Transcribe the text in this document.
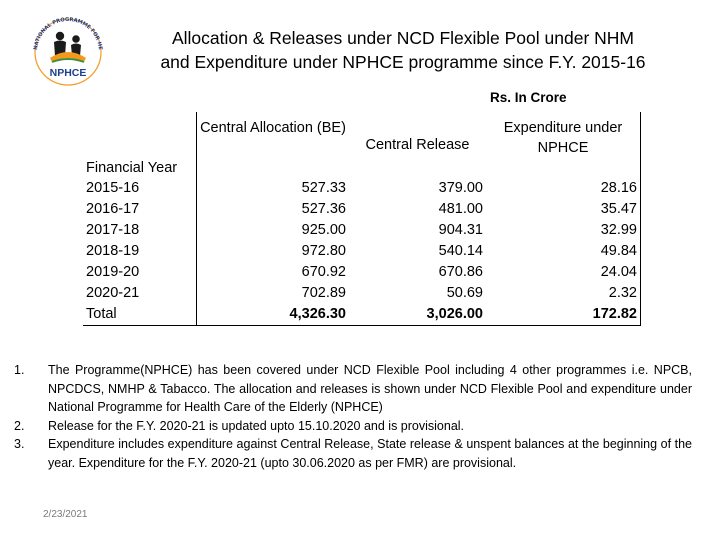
NATIONAL PROGRAMME FOR HE
NPHCE
Allocation & Releases under NCD Flexible Pool under NHM
and Expenditure under NPHCE programme since F.Y. 2015-16
Rs. In Crore
Financial Year	Central Allocation (BE)	Central Release	Expenditure under NPHCE
2015-16	527.33	379.00	28.16
2016-17	527.36	481.00	35.47
2017-18	925.00	904.31	32.99
2018-19	972.80	540.14	49.84
2019-20	670.92	670.86	24.04
2020-21	702.89	50.69	2.32
Total	4,326.30	3,026.00	172.82
1.	The Programme(NPHCE) has been covered under NCD Flexible Pool including 4 other programmes i.e. NPCB, NPCDCS, NMHP & Tabacco. The allocation and releases is shown under NCD Flexible Pool and expenditure under National Programme for Health Care of the Elderly (NPHCE)
2.	Release for the F.Y. 2020-21 is updated upto 15.10.2020 and is provisional.
3.	Expenditure includes expenditure against Central Release, State release & unspent balances at the beginning of the year. Expenditure for the F.Y. 2020-21 (upto 30.06.2020 as per FMR) are provisional.
2/23/2021
